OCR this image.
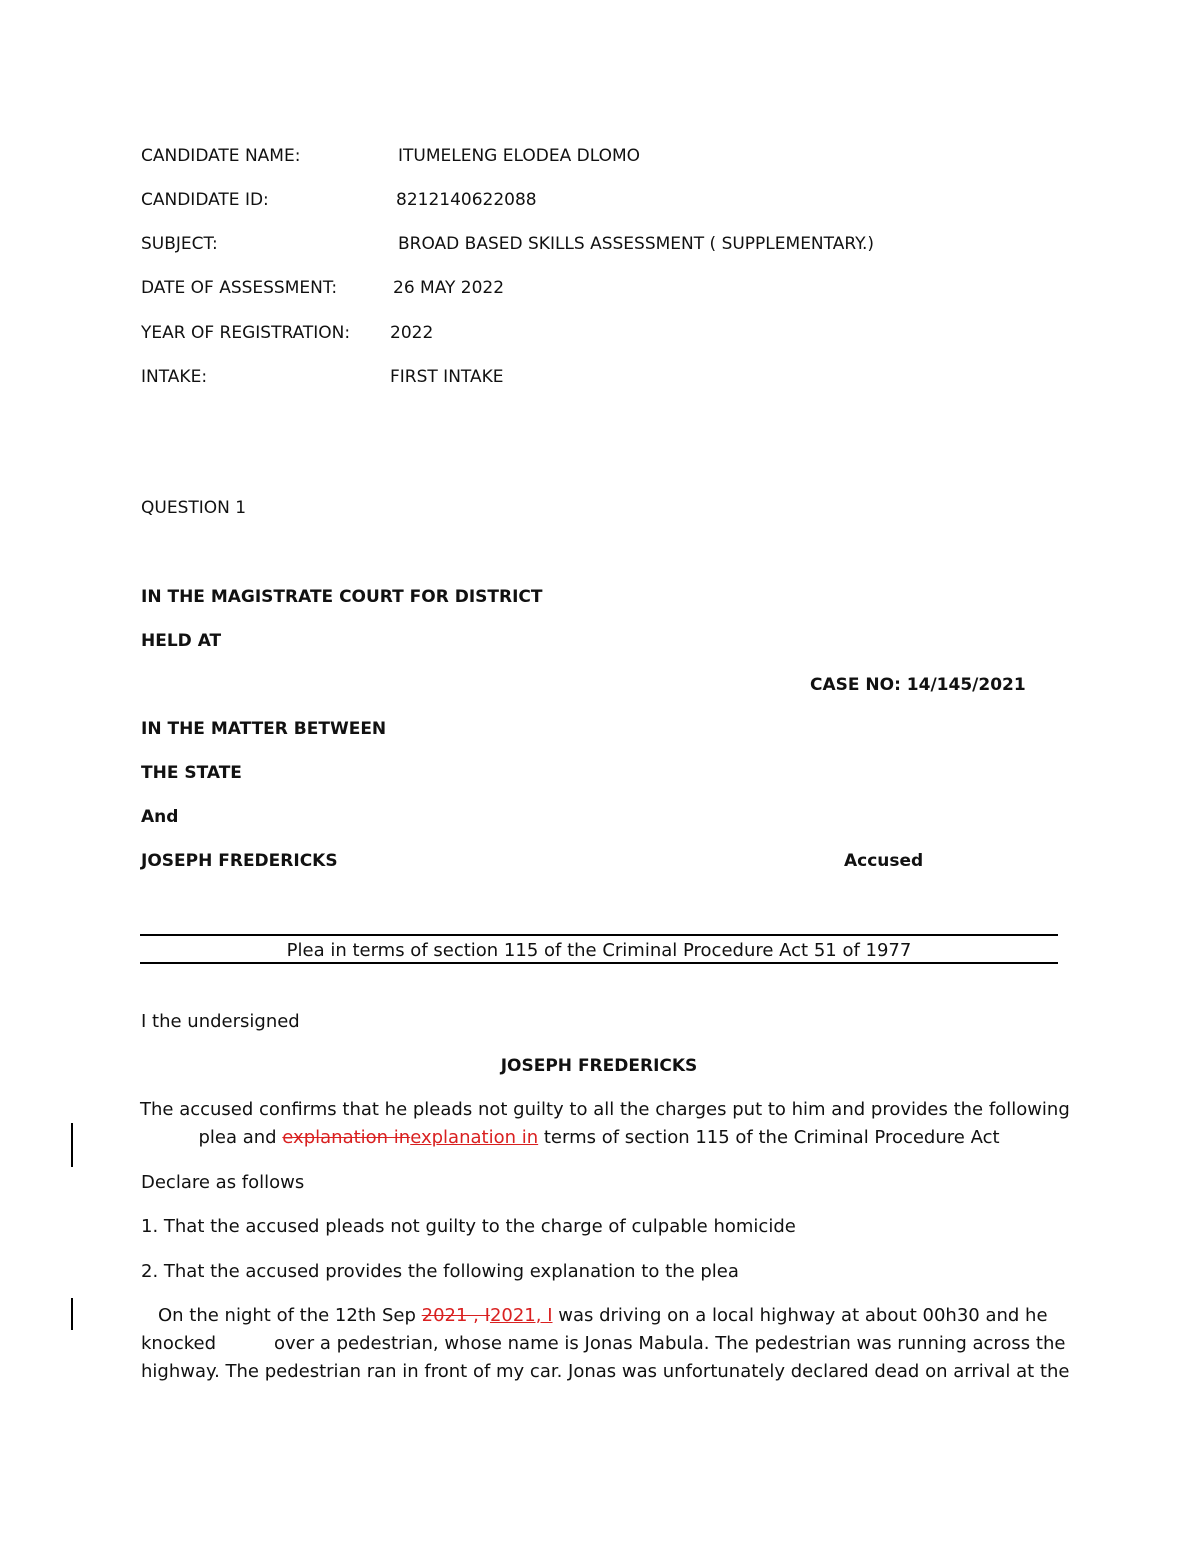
CANDIDATE NAME:	ITUMELENG ELODEA DLOMO
CANDIDATE ID:	8212140622088
SUBJECT:	BROAD BASED SKILLS ASSESSMENT ( SUPPLEMENTARY.)
DATE OF ASSESSMENT:	26 MAY 2022
YEAR OF REGISTRATION: 2022
INTAKE:	FIRST INTAKE
QUESTION 1
IN THE MAGISTRATE COURT FOR DISTRICT
HELD AT
CASE NO: 14/145/2021
IN THE MATTER BETWEEN
THE STATE
And
JOSEPH FREDERICKS	Accused
Plea in terms of section 115 of the Criminal Procedure Act 51 of 1977
I the undersigned
JOSEPH FREDERICKS
The accused confirms that he pleads not guilty to all the charges put to him and provides the following
plea and explanation inexplanation in terms of section 115 of the Criminal Procedure Act
Declare as follows
1. That the accused pleads not guilty to the charge of culpable homicide
2. That the accused provides the following explanation to the plea
On the night of the 12th Sep 2021 , I2021, I was driving on a local highway at about 00h30 and he
knocked	over a pedestrian, whose name is Jonas Mabula. The pedestrian was running across the
highway. The pedestrian ran in front of my car. Jonas was unfortunately declared dead on arrival at the
